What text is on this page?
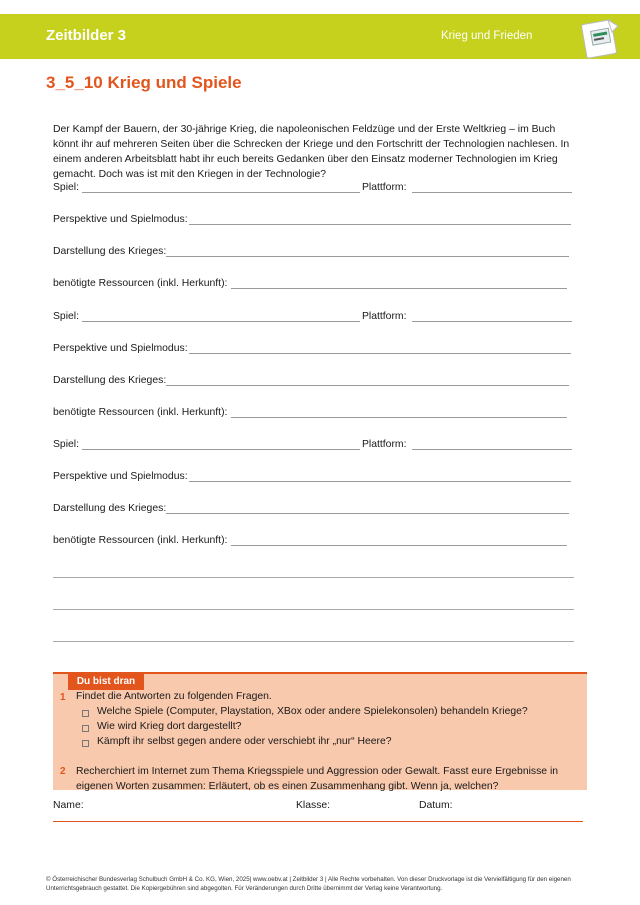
Zeitbilder 3	Krieg und Frieden
3_5_10 Krieg und Spiele
Der Kampf der Bauern, der 30-jährige Krieg, die napoleonischen Feldzüge und der Erste Weltkrieg – im Buch könnt ihr auf mehreren Seiten über die Schrecken der Kriege und den Fortschritt der Technologien nachlesen. In einem anderen Arbeitsblatt habt ihr euch bereits Gedanken über den Einsatz moderner Technologien im Krieg gemacht. Doch was ist mit den Kriegen in der Technologie?
Spiel:	Plattform:
Perspektive und Spielmodus:
Darstellung des Krieges:
benötigte Ressourcen (inkl. Herkunft):
Spiel:	Plattform:
Perspektive und Spielmodus:
Darstellung des Krieges:
benötigte Ressourcen (inkl. Herkunft):
Spiel:	Plattform:
Perspektive und Spielmodus:
Darstellung des Krieges:
benötigte Ressourcen (inkl. Herkunft):
Du bist dran
1 Findet die Antworten zu folgenden Fragen.
Welche Spiele (Computer, Playstation, XBox oder andere Spielekonsolen) behandeln Kriege?
Wie wird Krieg dort dargestellt?
Kämpft ihr selbst gegen andere oder verschiebt ihr „nur“ Heere?
2 Recherchiert im Internet zum Thema Kriegsspiele und Aggression oder Gewalt. Fasst eure Ergebnisse in eigenen Worten zusammen: Erläutert, ob es einen Zusammenhang gibt. Wenn ja, welchen?
Name:	Klasse:	Datum:
© Österreichischer Bundesverlag Schulbuch GmbH & Co. KG, Wien, 2025| www.oebv.at | Zeitbilder 3 | Alle Rechte vorbehalten. Von dieser Druckvorlage ist die Vervielfältigung für den eigenen Unterrichtsgebrauch gestattet. Die Kopiergebühren sind abgegolten. Für Veränderungen durch Dritte übernimmt der Verlag keine Verantwortung.
